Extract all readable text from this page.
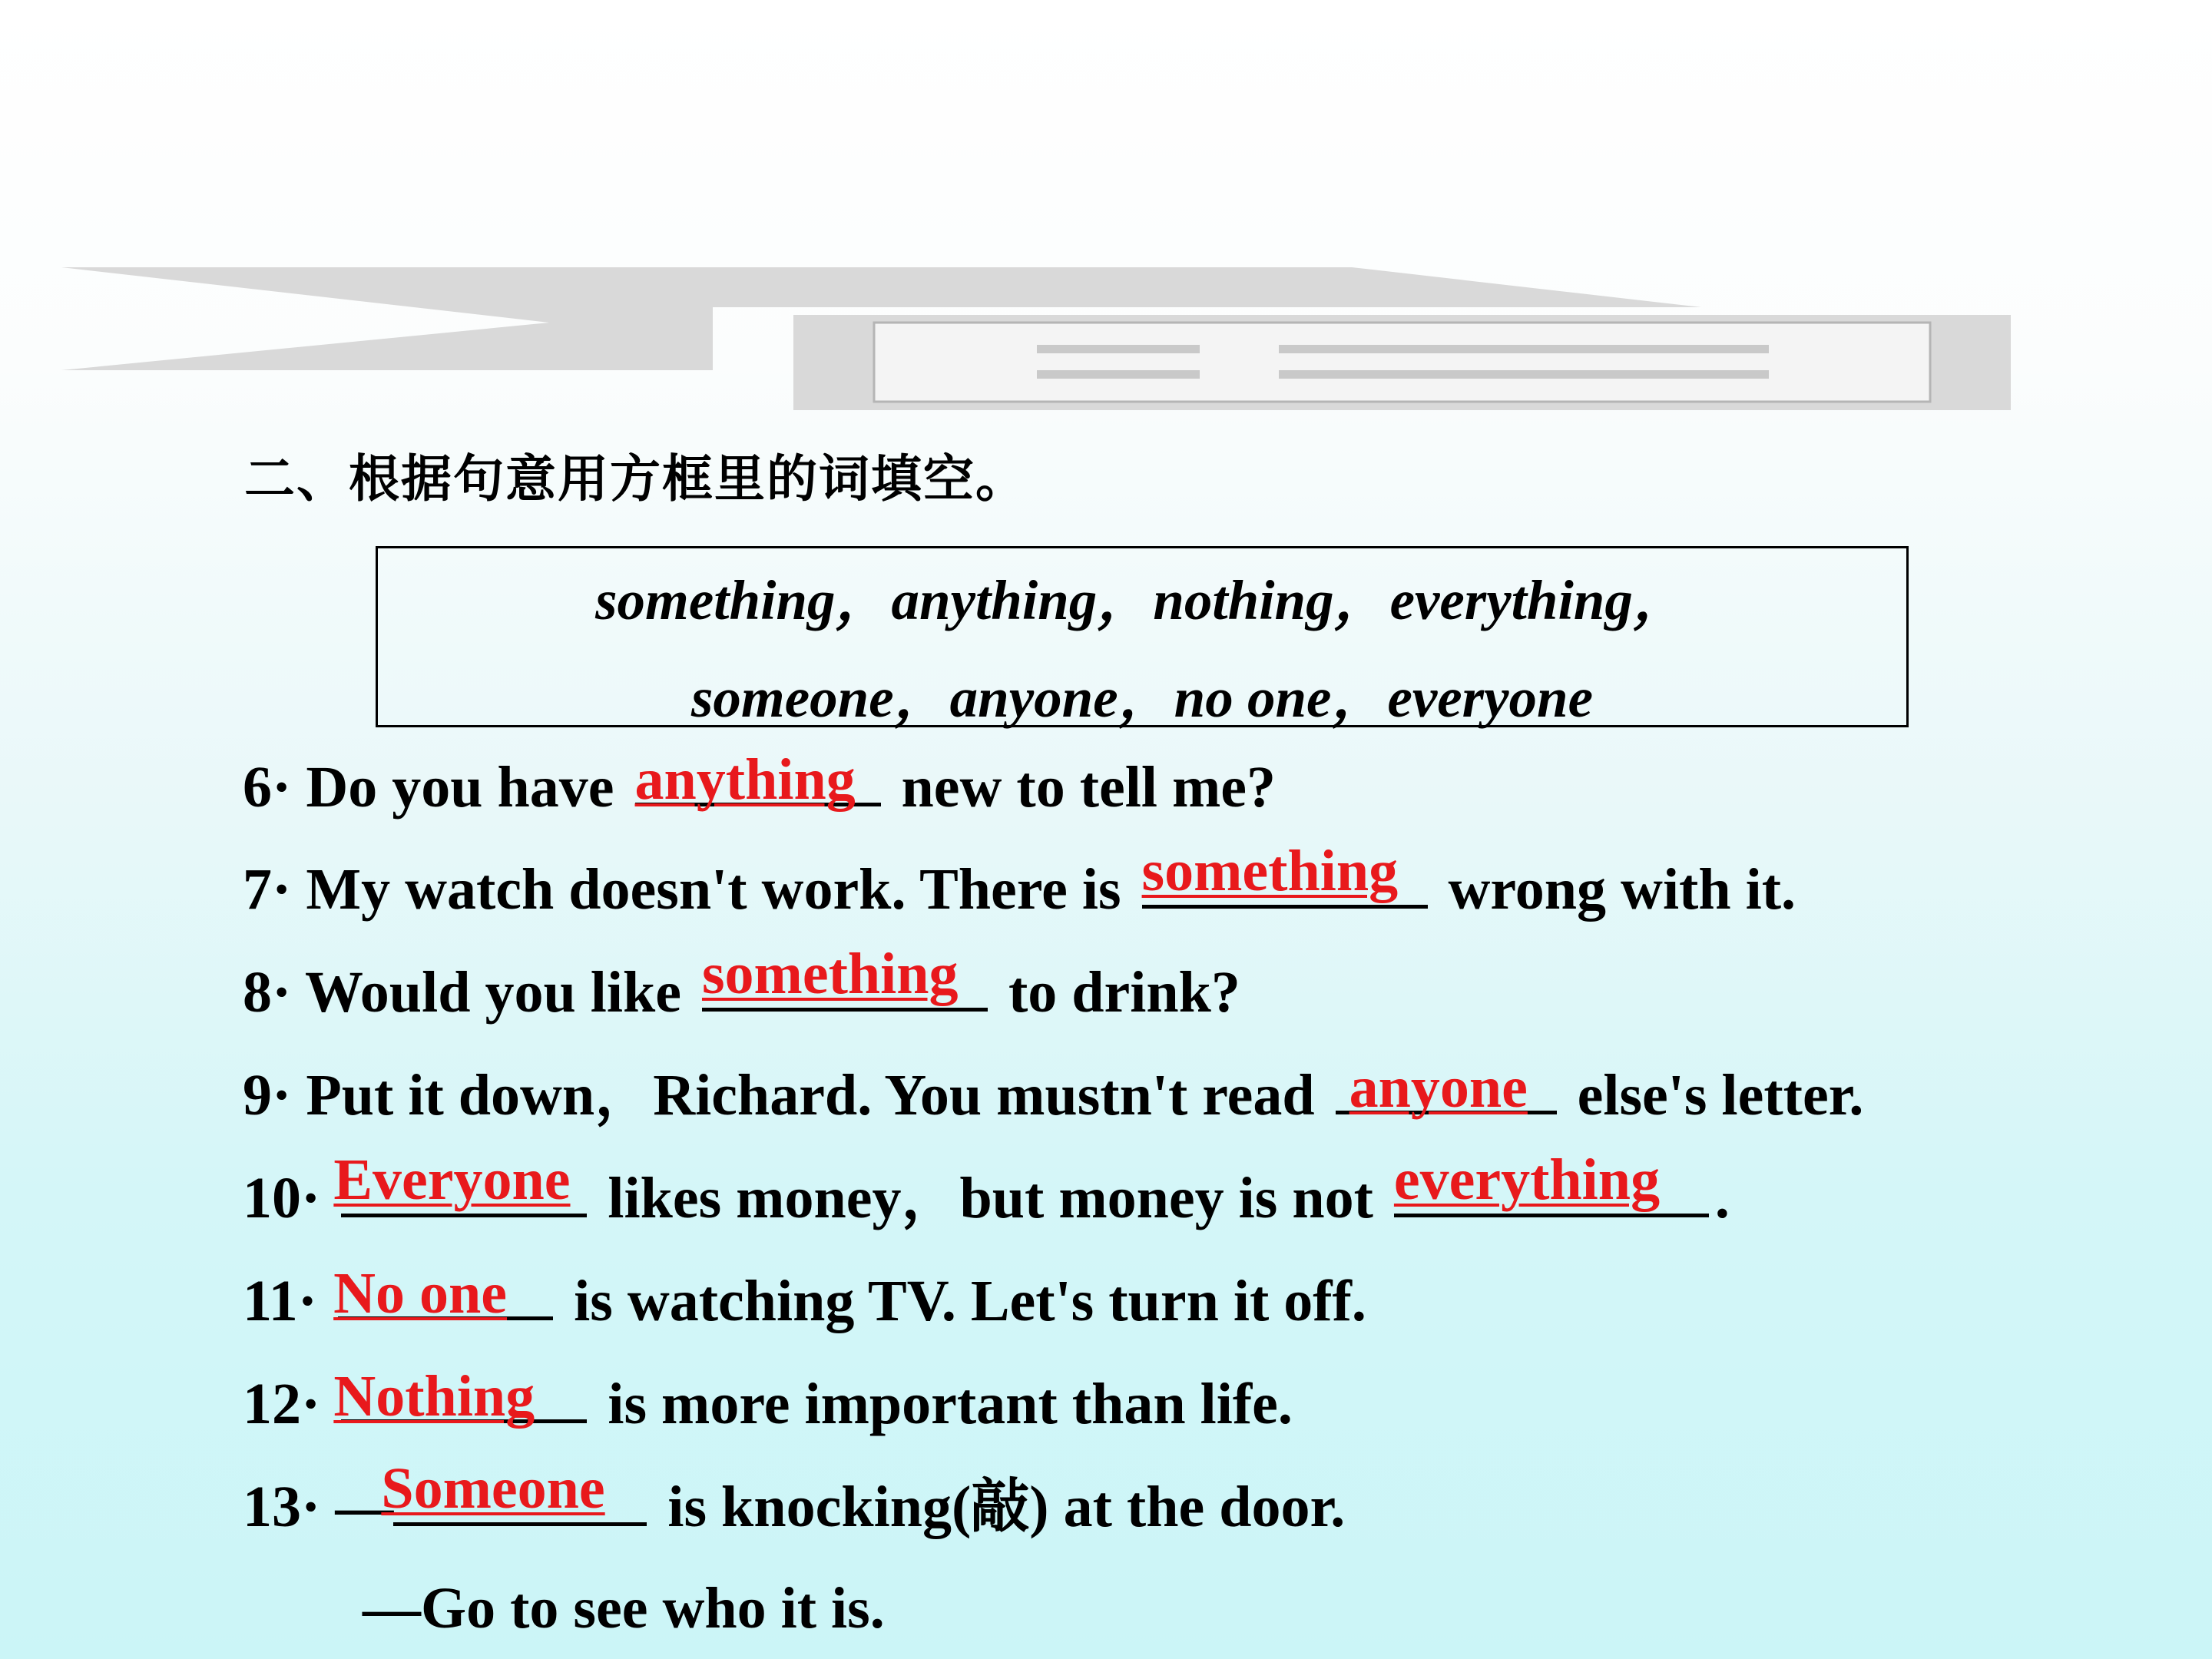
二、根据句意用方框里的词填空。
something，anything，nothing，everything，
someone，anyone，no one，everyone
6· Do you have anything new to tell me?
7· My watch doesn't work. There is something wrong with it.
8· Would you like something to drink?
9· Put it down，Richard. You mustn't read anyone else's letter.
10· Everyone likes money，but money is not everything .
11· No one is watching TV. Let's turn it off.
12· Nothing is more important than life.
13· —
Someone is knocking(敲) at the door.
—Go to see who it is.
